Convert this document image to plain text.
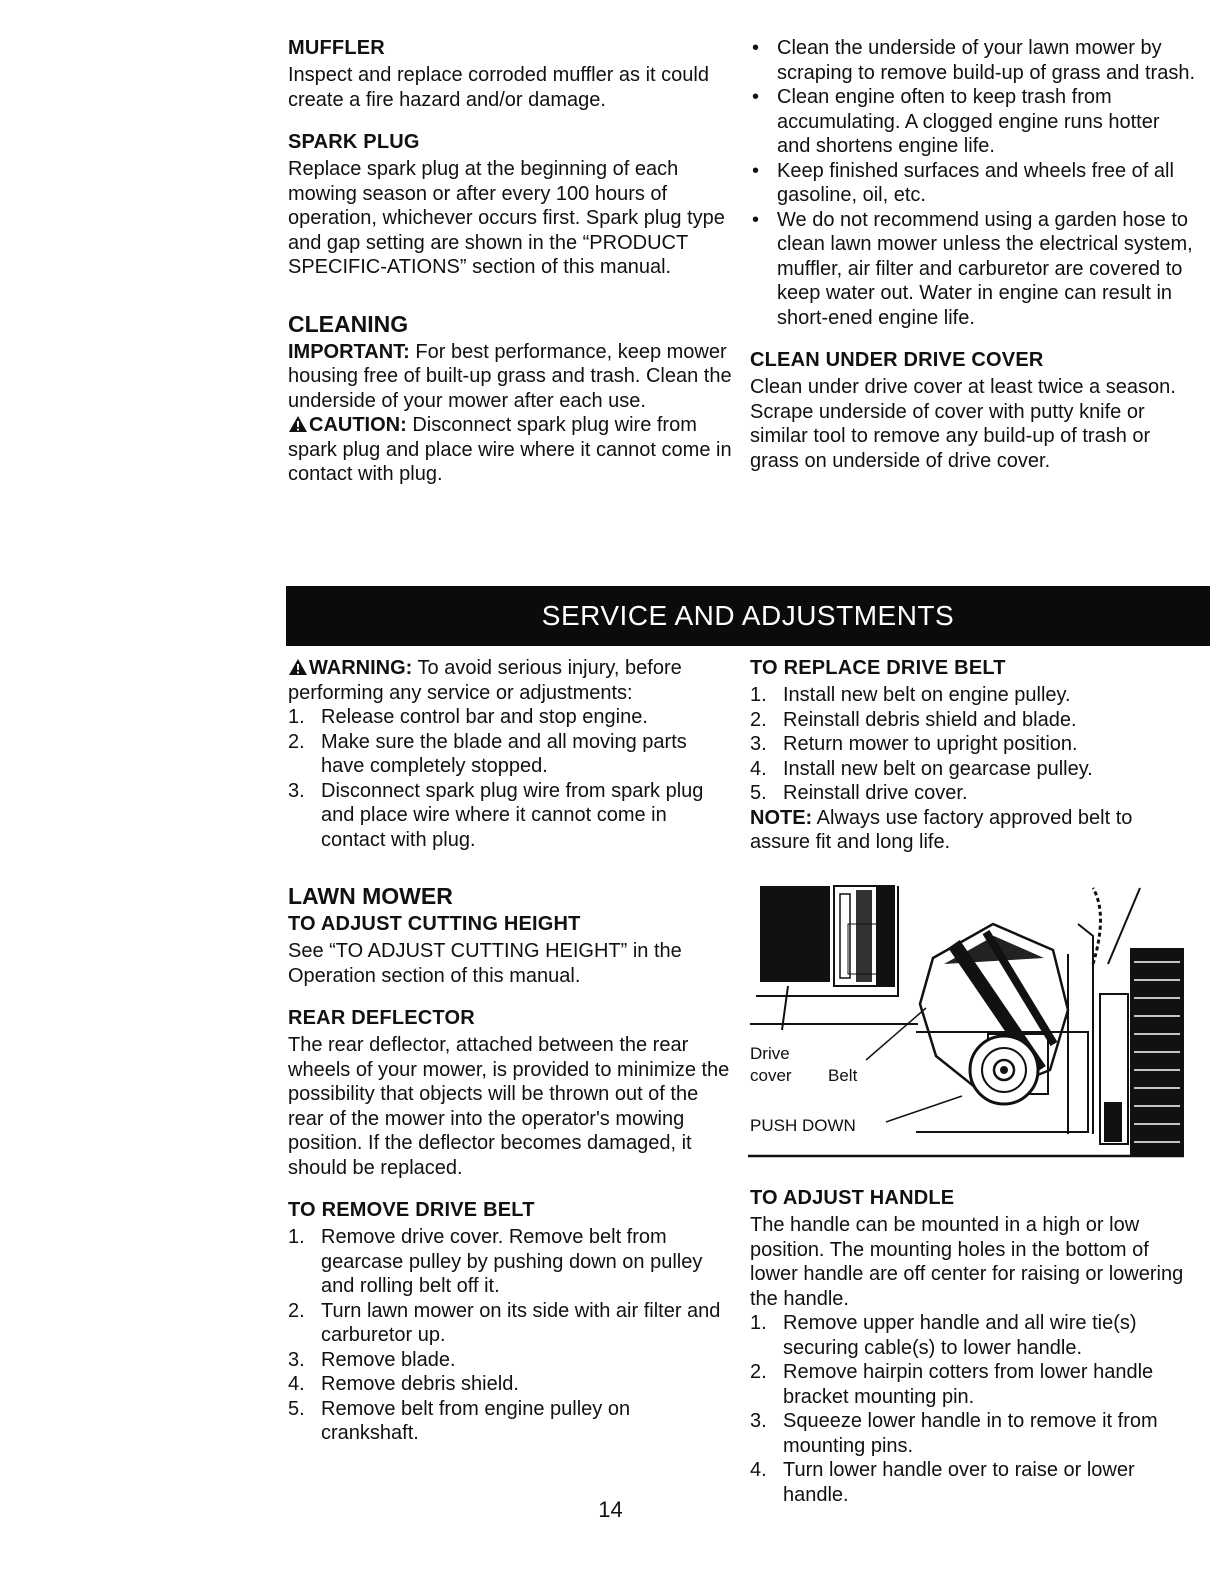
MUFFLER

Inspect and replace corroded muffler as it could create a fire hazard and/or damage.

SPARK PLUG

Replace spark plug at the beginning of each mowing season or after every 100 hours of operation, whichever occurs first. Spark plug type and gap setting are shown in the “PRODUCT SPECIFIC-ATIONS” section of this manual.

CLEANING

IMPORTANT: For best performance, keep mower housing free of built-up grass and trash. Clean the underside of your mower after each use.

CAUTION: Disconnect spark plug wire from spark plug and place wire where it cannot come in contact with plug.

• Clean the underside of your lawn mower by scraping to remove build-up of grass and trash.
• Clean engine often to keep trash from accumulating. A clogged engine runs hotter and shortens engine life.
• Keep finished surfaces and wheels free of all gasoline, oil, etc.
• We do not recommend using a garden hose to clean lawn mower unless the electrical system, muffler, air filter and carburetor are covered to keep water out. Water in engine can result in short-ened engine life.
CLEAN UNDER DRIVE COVER

Clean under drive cover at least twice a season. Scrape underside of cover with putty knife or similar tool to remove any build-up of trash or grass on underside of drive cover.

SERVICE AND ADJUSTMENTS

WARNING: To avoid serious injury, before performing any service or adjustments:

1. Release control bar and stop engine.
2. Make sure the blade and all moving parts have completely stopped.
3. Disconnect spark plug wire from spark plug and place wire where it cannot come in contact with plug.
LAWN MOWER
TO ADJUST CUTTING HEIGHT

See “TO ADJUST CUTTING HEIGHT” in the Operation section of this manual.

REAR DEFLECTOR

The rear deflector, attached between the rear wheels of your mower, is provided to minimize the possibility that objects will be thrown out of the rear of the mower into the operator's mowing position. If the deflector becomes damaged, it should be replaced.

TO REMOVE DRIVE BELT
1. Remove drive cover. Remove belt from gearcase pulley by pushing down on pulley and rolling belt off it.
2. Turn lawn mower on its side with air filter and carburetor up.
3. Remove blade.
4. Remove debris shield.
5. Remove belt from engine pulley on crankshaft.
TO REPLACE DRIVE BELT
1. Install new belt on engine pulley.
2. Reinstall debris shield and blade.
3. Return mower to upright position.
4. Install new belt on gearcase pulley.
5. Reinstall drive cover.

NOTE: Always use factory approved belt to assure fit and long life.

Drive
cover Belt
PUSH DOWN
TO ADJUST HANDLE

The handle can be mounted in a high or low position. The mounting holes in the bottom of lower handle are off center for raising or lowering the handle.

1. Remove upper handle and all wire tie(s) securing cable(s) to lower handle.
2. Remove hairpin cotters from lower handle bracket mounting pin.
3. Squeeze lower handle in to remove it from mounting pins.
4. Turn lower handle over to raise or lower handle.
14
